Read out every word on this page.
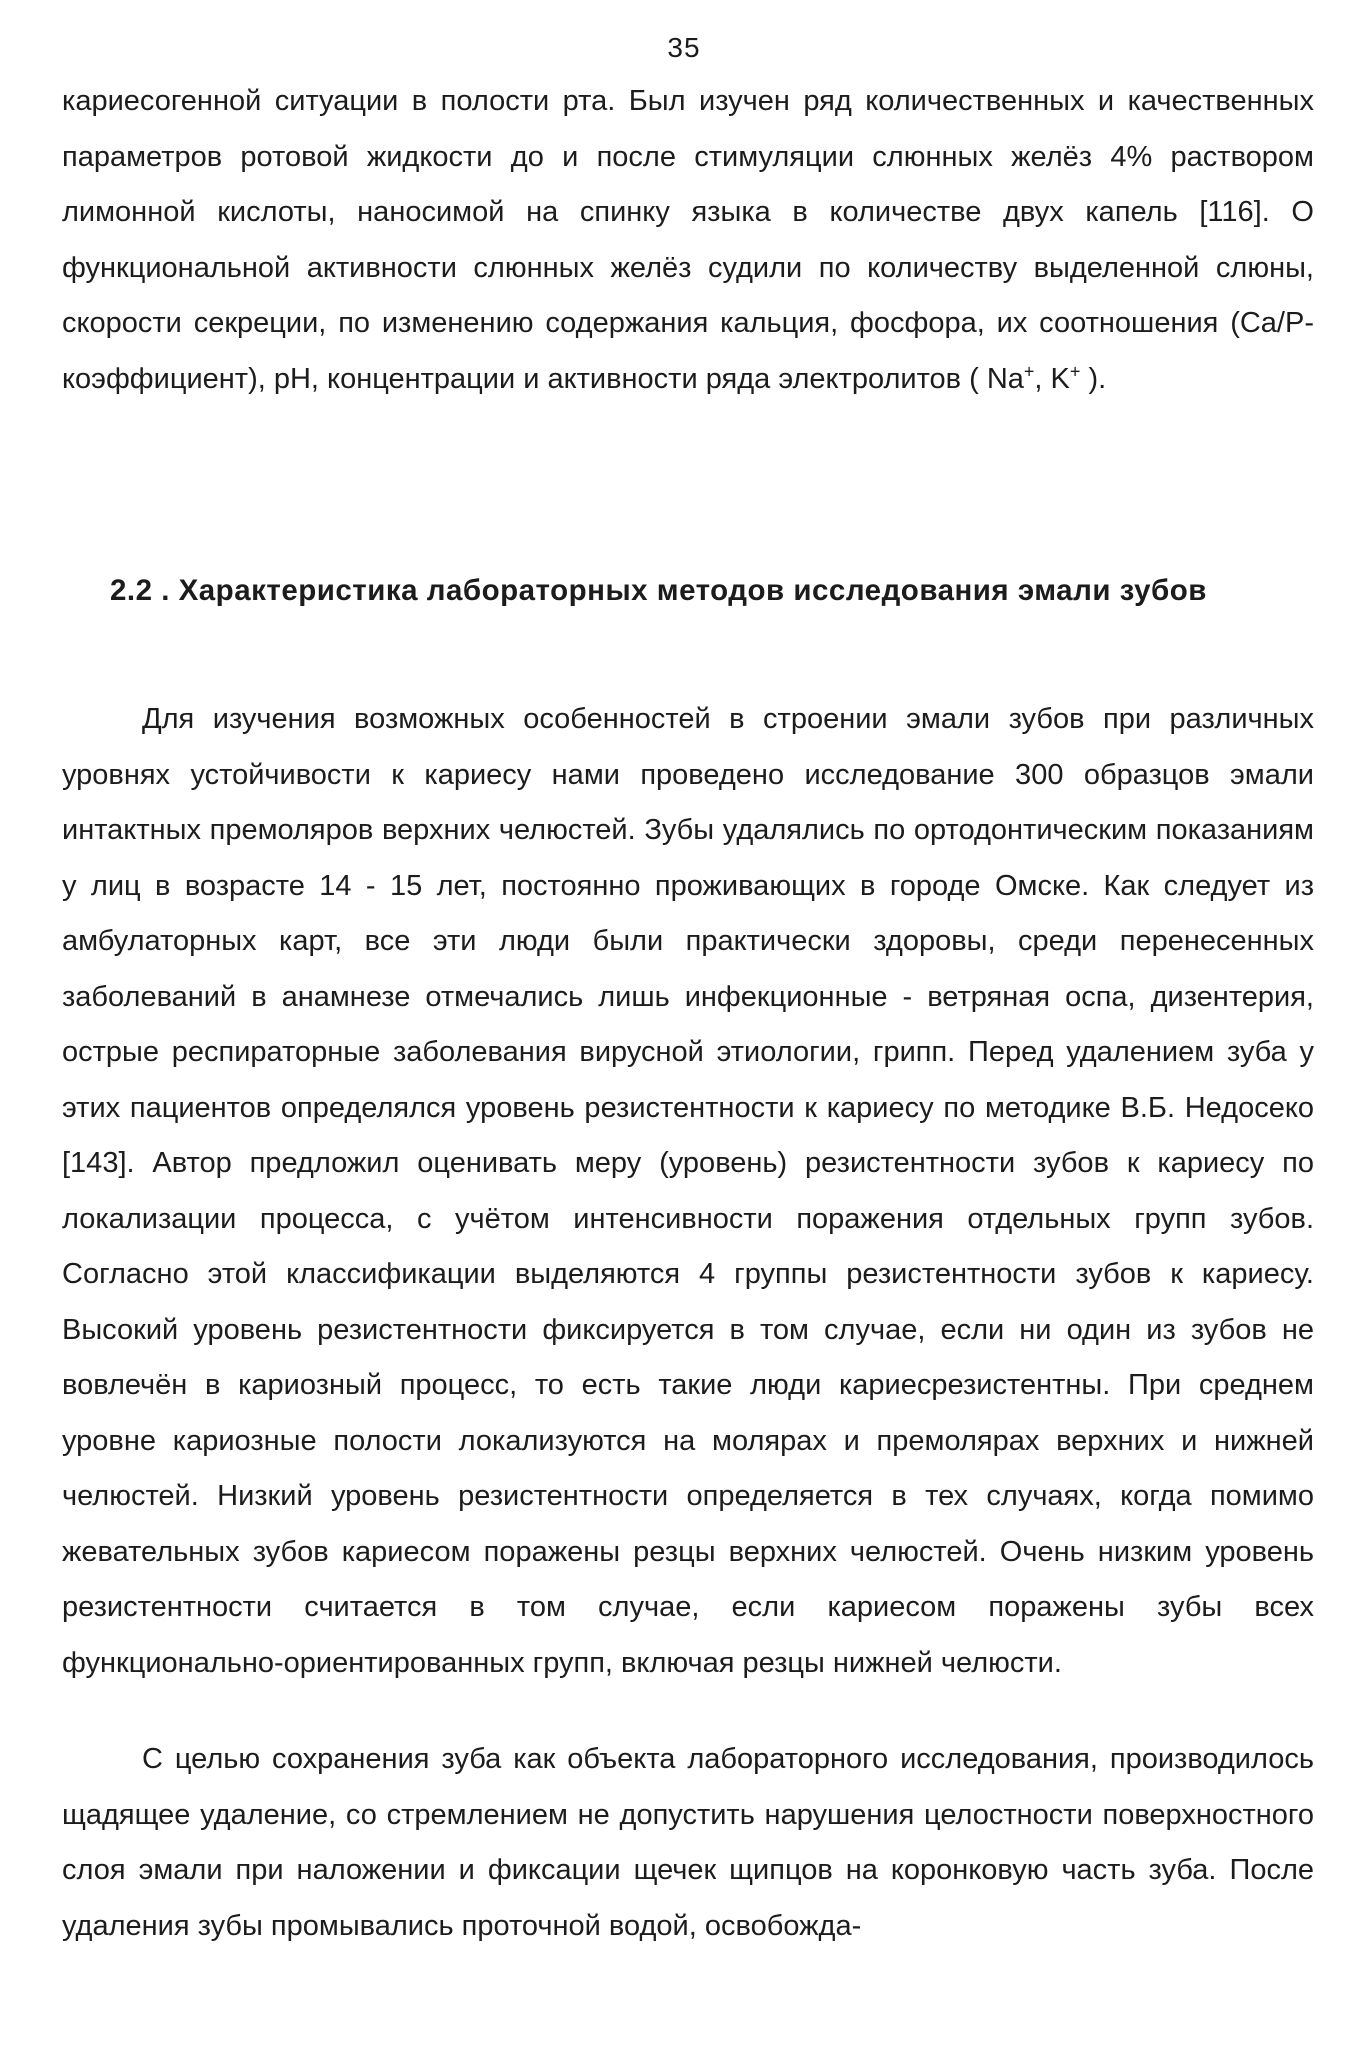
35

кариесогенной ситуации в полости рта. Был изучен ряд количественных и качественных параметров ротовой жидкости до и после стимуляции слюнных желёз 4% раствором лимонной кислоты, наносимой на спинку языка в количестве двух капель [116]. О функциональной активности слюнных желёз судили по количеству выделенной слюны, скорости секреции, по изменению содержания кальция, фосфора, их соотношения (Ca/P-коэффициент), pH, концентрации и активности ряда электролитов ( Na+, K+ ).

2.2 . Характеристика лабораторных методов исследования эмали зубов

Для изучения возможных особенностей в строении эмали зубов при различных уровнях устойчивости к кариесу нами проведено исследование 300 образцов эмали интактных премоляров верхних челюстей. Зубы удалялись по ортодонтическим показаниям у лиц в возрасте 14 - 15 лет, постоянно проживающих в городе Омске. Как следует из амбулаторных карт, все эти люди были практически здоровы, среди перенесенных заболеваний в анамнезе отмечались лишь инфекционные - ветряная оспа, дизентерия, острые респираторные заболевания вирусной этиологии, грипп. Перед удалением зуба у этих пациентов определялся уровень резистентности к кариесу по методике В.Б. Недосеко [143]. Автор предложил оценивать меру (уровень) резистентности зубов к кариесу по локализации процесса, с учётом интенсивности поражения отдельных групп зубов. Согласно этой классификации выделяются 4 группы резистентности зубов к кариесу. Высокий уровень резистентности фиксируется в том случае, если ни один из зубов не вовлечён в кариозный процесс, то есть такие люди кариесрезистентны. При среднем уровне кариозные полости локализуются на молярах и премолярах верхних и нижней челюстей. Низкий уровень резистентности определяется в тех случаях, когда помимо жевательных зубов кариесом поражены резцы верхних челюстей. Очень низким уровень резистентности считается в том случае, если кариесом поражены зубы всех функционально-ориентированных групп, включая резцы нижней челюсти.

С целью сохранения зуба как объекта лабораторного исследования, производилось щадящее удаление, со стремлением не допустить нарушения целостности поверхностного слоя эмали при наложении и фиксации щечек щипцов на коронковую часть зуба. После удаления зубы промывались проточной водой, освобожда-
